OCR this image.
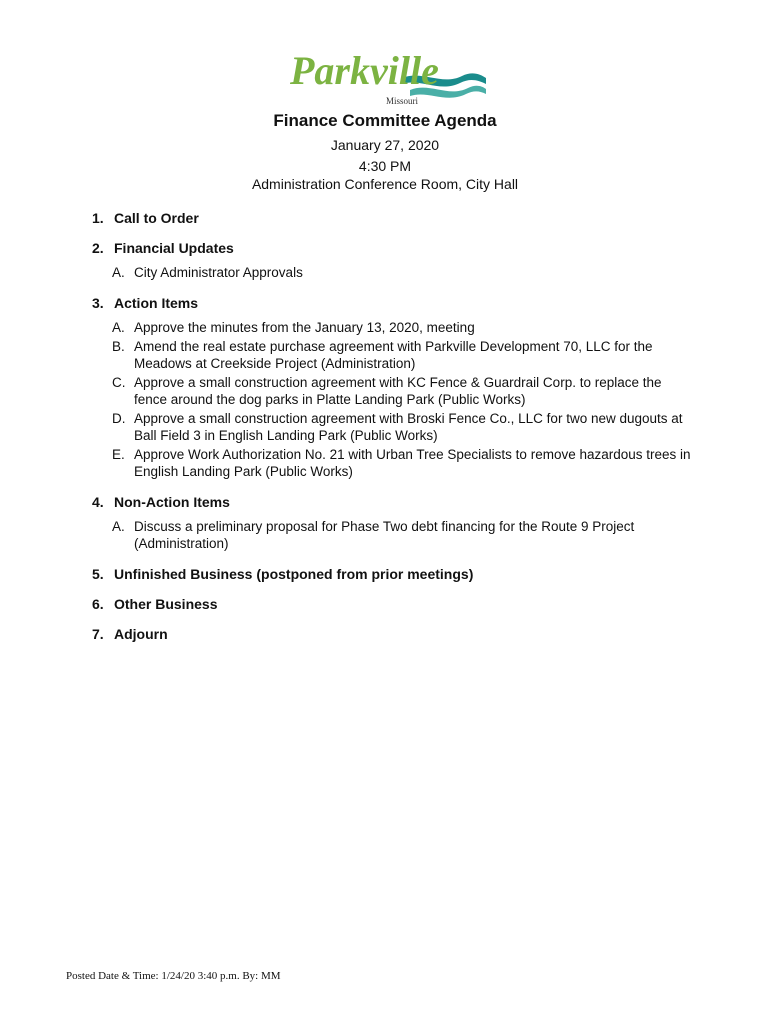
Parkville
Missouri
Finance Committee Agenda
January 27, 2020
4:30 PM
Administration Conference Room, City Hall
1. Call to Order
2. Financial Updates
A. City Administrator Approvals
3. Action Items
A. Approve the minutes from the January 13, 2020, meeting
B. Amend the real estate purchase agreement with Parkville Development 70, LLC for the Meadows at Creekside Project (Administration)
C. Approve a small construction agreement with KC Fence & Guardrail Corp. to replace the fence around the dog parks in Platte Landing Park (Public Works)
D. Approve a small construction agreement with Broski Fence Co., LLC for two new dugouts at Ball Field 3 in English Landing Park (Public Works)
E. Approve Work Authorization No. 21 with Urban Tree Specialists to remove hazardous trees in English Landing Park (Public Works)
4. Non-Action Items
A. Discuss a preliminary proposal for Phase Two debt financing for the Route 9 Project (Administration)
5. Unfinished Business (postponed from prior meetings)
6. Other Business
7. Adjourn
Posted Date & Time: 1/24/20 3:40 p.m. By: MM
